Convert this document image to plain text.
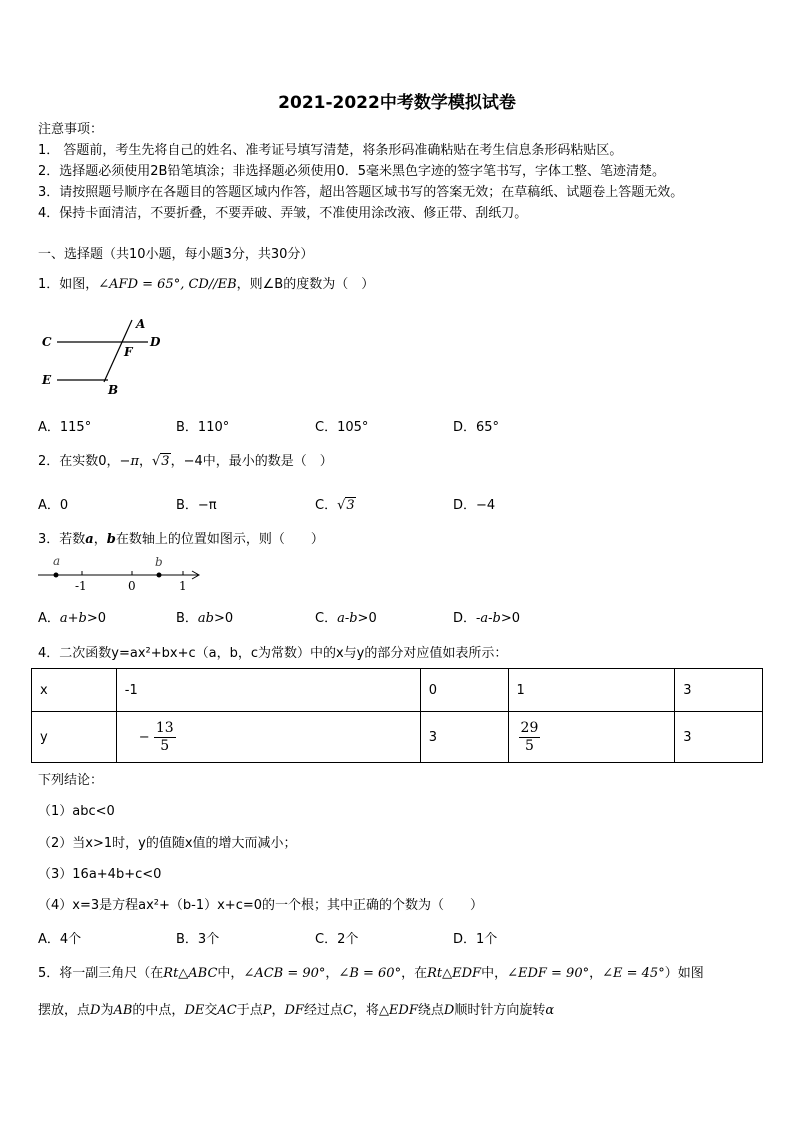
2021-2022中考数学模拟试卷
注意事项：
1． 答题前，考生先将自己的姓名、准考证号填写清楚，将条形码准确粘贴在考生信息条形码粘贴区。
2．选择题必须使用2B铅笔填涂；非选择题必须使用0．5毫米黑色字迹的签字笔书写，字体工整、笔迹清楚。
3．请按照题号顺序在各题目的答题区域内作答，超出答题区域书写的答案无效；在草稿纸、试题卷上答题无效。
4．保持卡面清洁，不要折叠，不要弄破、弄皱，不准使用涂改液、修正带、刮纸刀。
一、选择题（共10小题，每小题3分，共30分）
1．如图，∠AFD = 65°, CD//EB，则∠B的度数为（　）
A
C	D
F
E
B
A．115°	B．110°	C．105°	D．65°
2．在实数0，−π，√3，−4中，最小的数是（　）
A．0	B．−π	C．√3	D．−4
3．若数a，b在数轴上的位置如图示，则（　　）
a	b
-1	0	1
A．a+b>0	B．ab>0	C．a-b>0	D．-a-b>0
4．二次函数y=ax²+bx+c（a，b，c为常数）中的x与y的部分对应值如表所示：
x	-1	0	1	3
y	− $\frac{13}{5}$	3	$\frac{29}{5}$	3
下列结论：
（1）abc<0
（2）当x>1时，y的值随x值的增大而减小；
（3）16a+4b+c<0
（4）x=3是方程ax²+（b-1）x+c=0的一个根；其中正确的个数为（　　）
A．4个	B．3个	C．2个	D．1个
5．将一副三角尺（在Rt△ABC中，∠ACB = 90°，∠B = 60°，在Rt△EDF中，∠EDF = 90°，∠E = 45°）如图
摆放，点D为AB的中点，DE交AC于点P，DF经过点C，将△EDF绕点D顺时针方向旋转α
